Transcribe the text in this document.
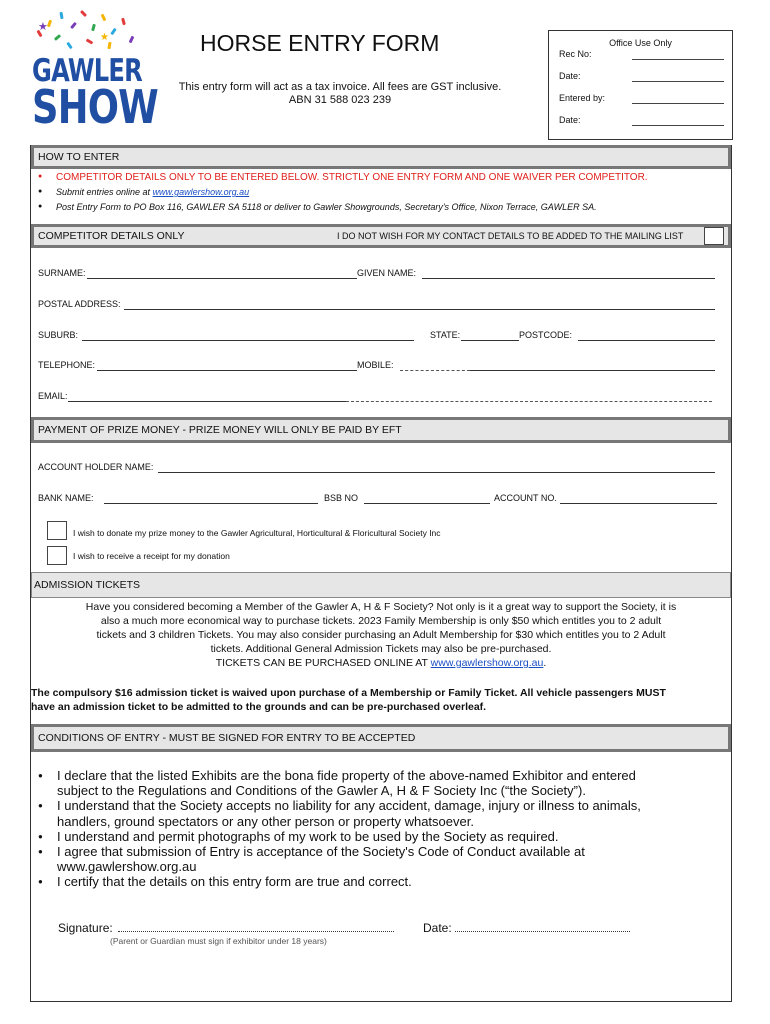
★
★
GAWLER
SHOW
HORSE ENTRY FORM
This entry form will act as a tax invoice. All fees are GST inclusive.
ABN 31 588 023 239
Office Use Only
Rec No:
Date:
Entered by:
Date:
HOW TO ENTER
COMPETITOR DETAILS ONLY TO BE ENTERED BELOW. STRICTLY ONE ENTRY FORM AND ONE WAIVER PER COMPETITOR.
Submit entries online at www.gawlershow.org.au
Post Entry Form to PO Box 116, GAWLER SA 5118 or deliver to Gawler Showgrounds, Secretary's Office, Nixon Terrace, GAWLER SA.
COMPETITOR DETAILS ONLY	I DO NOT WISH FOR MY CONTACT DETAILS TO BE ADDED TO THE MAILING LIST
SURNAME:	GIVEN NAME:
POSTAL ADDRESS:
SUBURB:	STATE:	POSTCODE:
TELEPHONE:	MOBILE:
EMAIL:
PAYMENT OF PRIZE MONEY - PRIZE MONEY WILL ONLY BE PAID BY EFT
ACCOUNT HOLDER NAME:
BANK NAME:	BSB NO	ACCOUNT NO.
I wish to donate my prize money to the Gawler Agricultural, Horticultural & Floricultural Society Inc
I wish to receive a receipt for my donation
ADMISSION TICKETS
Have you considered becoming a Member of the Gawler A, H & F Society? Not only is it a great way to support the Society, it is
also a much more economical way to purchase tickets. 2023 Family Membership is only $50 which entitles you to 2 adult
tickets and 3 children Tickets. You may also consider purchasing an Adult Membership for $30 which entitles you to 2 Adult
tickets. Additional General Admission Tickets may also be pre-purchased.
TICKETS CAN BE PURCHASED ONLINE AT www.gawlershow.org.au.
The compulsory $16 admission ticket is waived upon purchase of a Membership or Family Ticket. All vehicle passengers MUST
have an admission ticket to be admitted to the grounds and can be pre-purchased overleaf.
CONDITIONS OF ENTRY - MUST BE SIGNED FOR ENTRY TO BE ACCEPTED
● I declare that the listed Exhibits are the bona fide property of the above-named Exhibitor and entered
subject to the Regulations and Conditions of the Gawler A, H & F Society Inc (“the Society”).
● I understand that the Society accepts no liability for any accident, damage, injury or illness to animals,
handlers, ground spectators or any other person or property whatsoever.
● I understand and permit photographs of my work to be used by the Society as required.
● I agree that submission of Entry is acceptance of the Society's Code of Conduct available at
www.gawlershow.org.au
● I certify that the details on this entry form are true and correct.
Signature:
(Parent or Guardian must sign if exhibitor under 18 years)
Date:
